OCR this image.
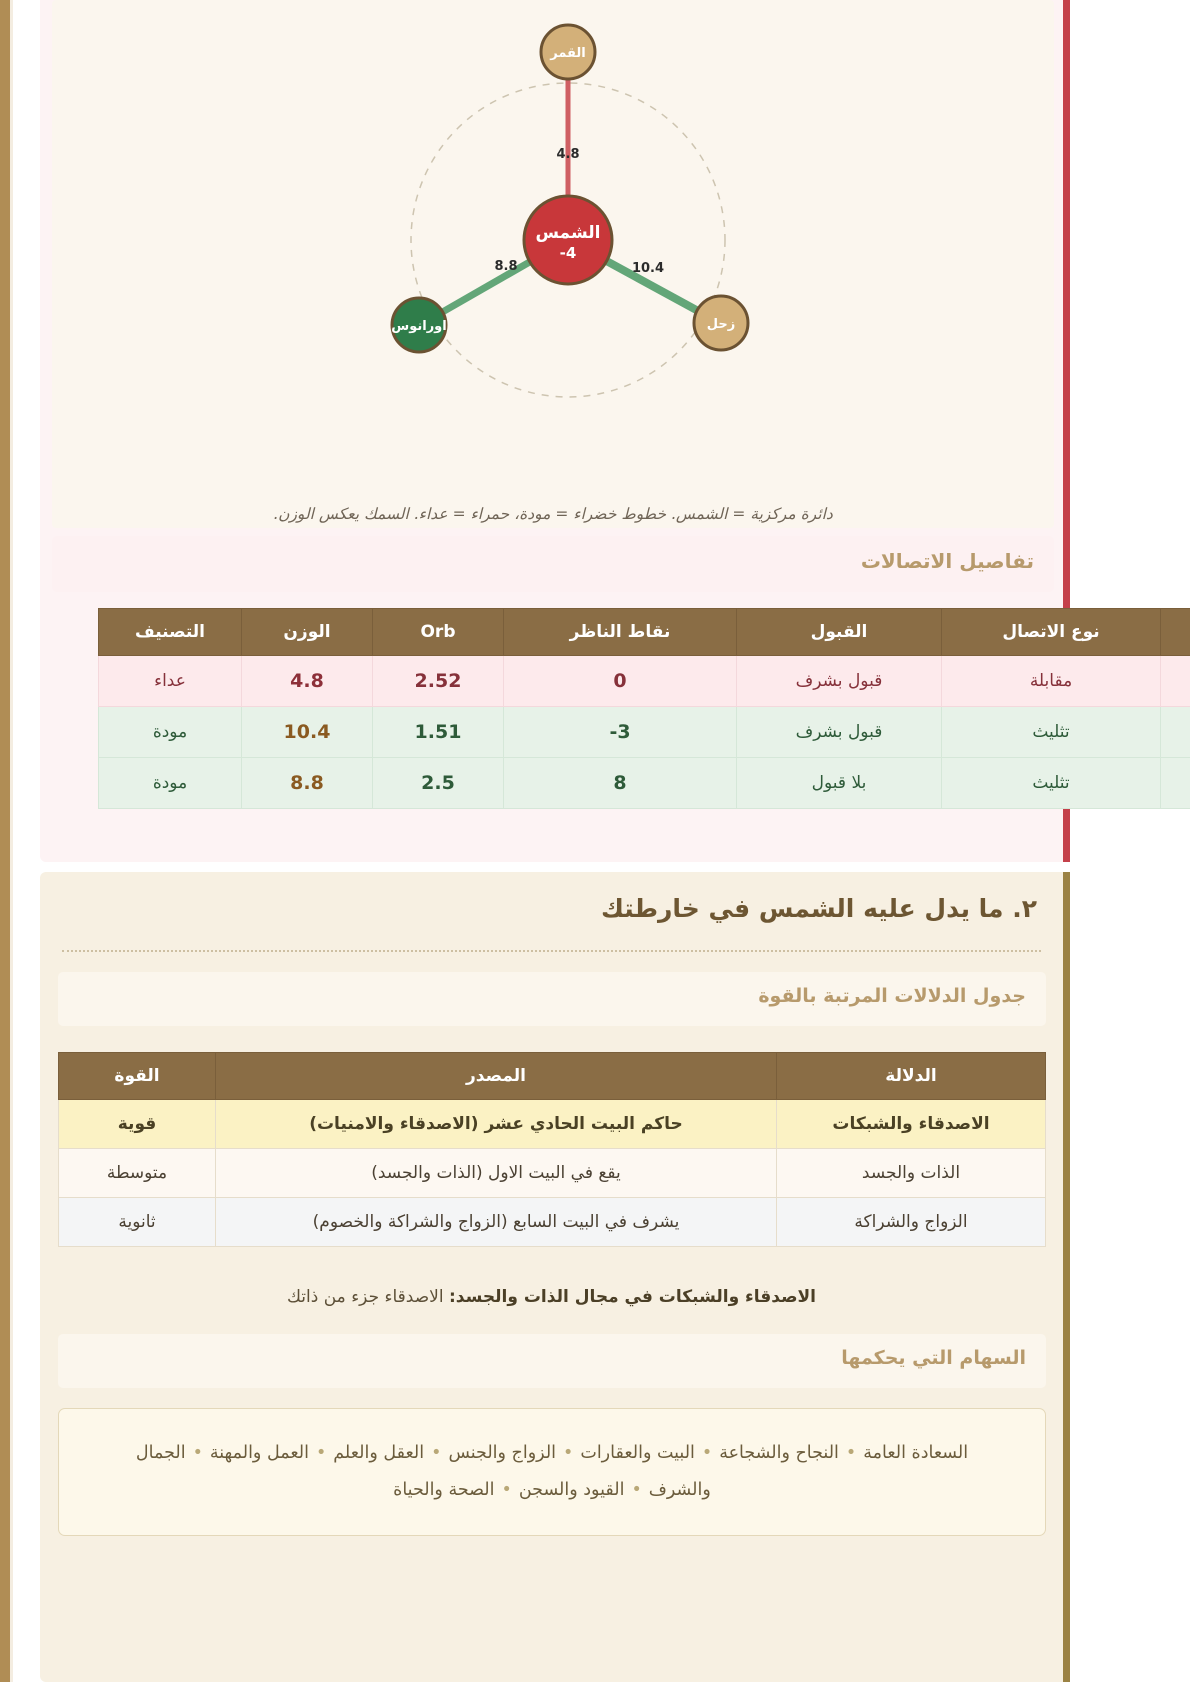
4.8
10.4
8.8
القمر
زحل
اورانوس
الشمس
4-
دائرة مركزية = الشمس. خطوط خضراء = مودة، حمراء = عداء. السمك يعكس الوزن.
تفاصيل الاتصالات
	نوع الاتصال	القبول	نقاط الناظر	Orb	الوزن	التصنيف
	مقابلة	قبول بشرف	0	2.52	4.8	عداء
	تثليث	قبول بشرف	3-	1.51	10.4	مودة
	تثليث	بلا قبول	8	2.5	8.8	مودة
٢. ما يدل عليه الشمس في خارطتك
جدول الدلالات المرتبة بالقوة
الدلالة	المصدر	القوة
الاصدقاء والشبكات	حاكم البيت الحادي عشر (الاصدقاء والامنيات)	قوية
الذات والجسد	يقع في البيت الاول (الذات والجسد)	متوسطة
الزواج والشراكة	يشرف في البيت السابع (الزواج والشراكة والخصوم)	ثانوية
الاصدقاء والشبكات في مجال الذات والجسد: الاصدقاء جزء من ذاتك
السهام التي يحكمها
السعادة العامة•النجاح والشجاعة•البيت والعقارات•الزواج والجنس•العقل والعلم•العمل والمهنة•الجمال والشرف•القيود والسجن•الصحة والحياة
